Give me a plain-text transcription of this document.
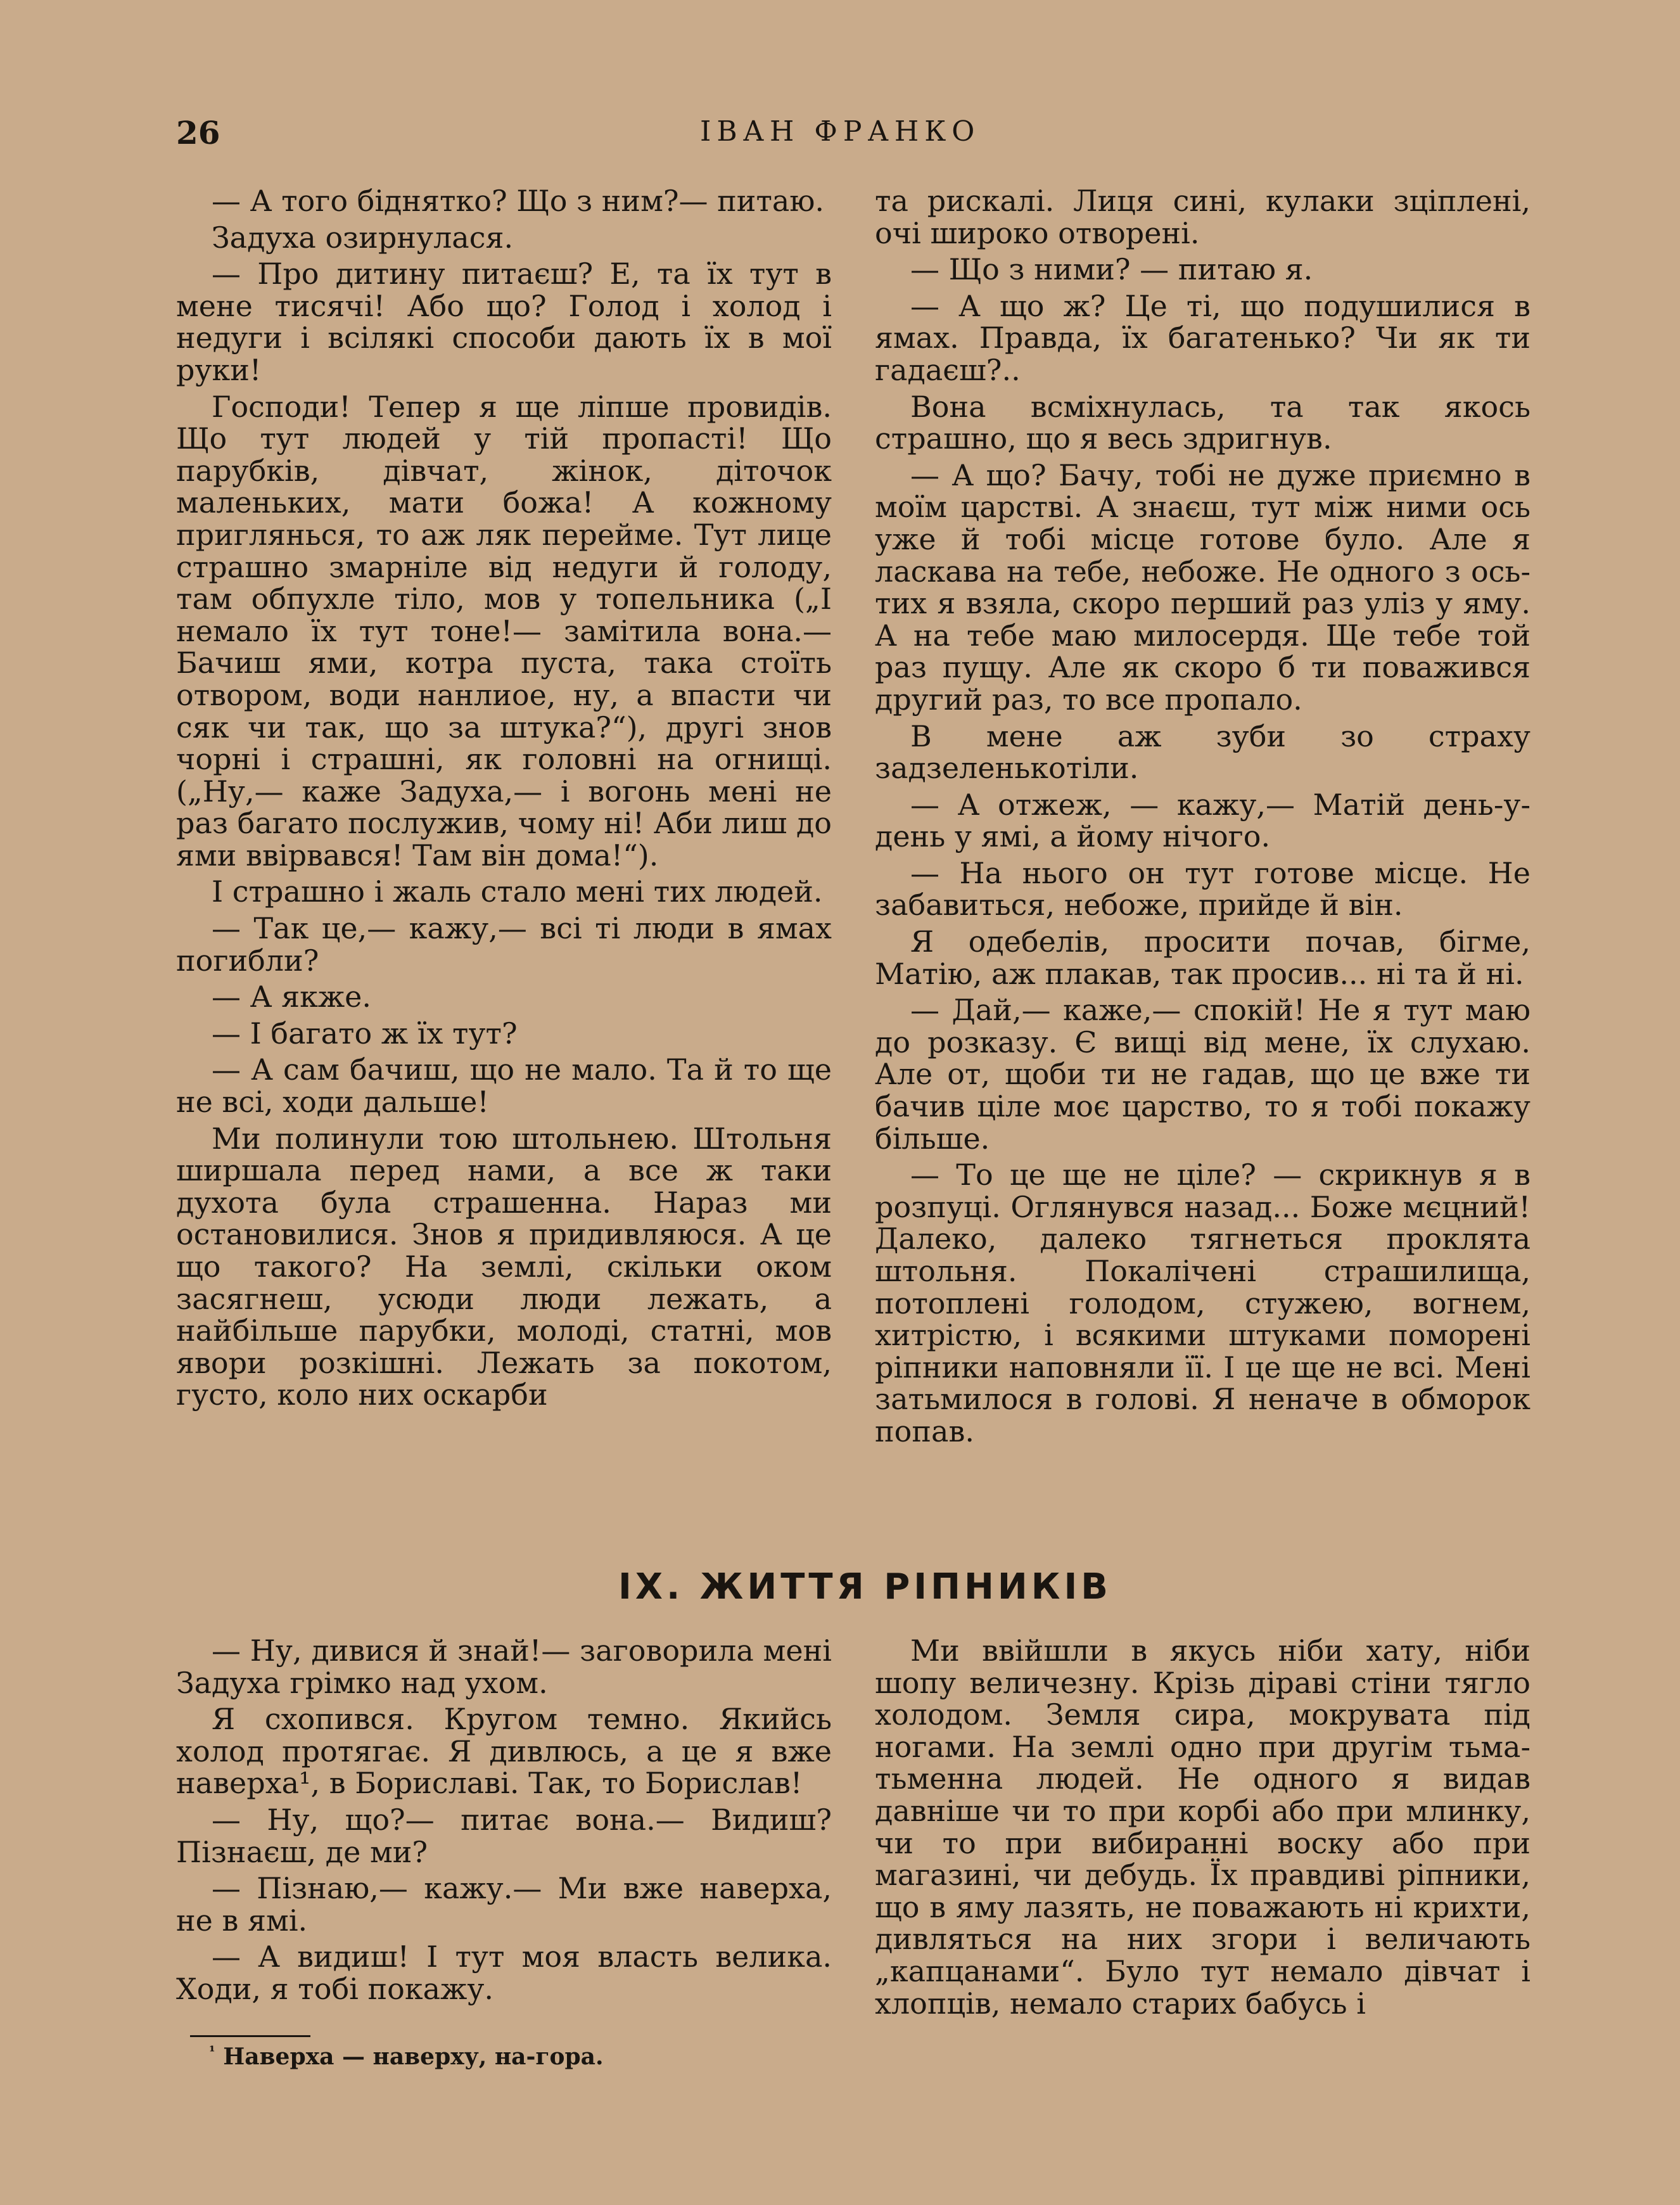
26	ІВАН ФРАНКО

— А того біднятко? Що з ним?— питаю.

Задуха озирнулася.

— Про дитину питаєш? Е, та їх тут в мене тисячі! Або що? Голод і холод і недуги і всілякі способи дають їх в мої руки!

Господи! Тепер я ще ліпше провидів. Що тут людей у тій пропасті! Що парубків, дівчат, жінок, діточок маленьких, мати божа! А кожному приглянься, то аж ляк перейме. Тут лице страшно змарніле від недуги й голоду, там обпухле тіло, мов у топельника („І немало їх тут тоне!— замітила вона.— Бачиш ями, котра пуста, така стоїть отвором, води нанлиое, ну, а впасти чи сяк чи так, що за штука?“), другі знов чорні і страшні, як головні на огнищі. („Ну,— каже Задуха,— і вогонь мені не раз багато послужив, чому ні! Аби лиш до ями ввірвався! Там він дома!“).

І страшно і жаль стало мені тих людей.

— Так це,— кажу,— всі ті люди в ямах погибли?

— А якже.

— І багато ж їх тут?

— А сам бачиш, що не мало. Та й то ще не всі, ходи дальше!

Ми полинули тою штольнею. Штольня ширшала перед нами, а все ж таки духота була страшенна. Нараз ми остановилися. Знов я придивляюся. А це що такого? На землі, скільки оком засягнеш, усюди люди лежать, а найбільше парубки, молоді, статні, мов явори розкішні. Лежать за покотом, густо, коло них оскарби

та рискалі. Лиця сині, кулаки зціплені, очі широко отворені.

— Що з ними? — питаю я.

— А що ж? Це ті, що подушилися в ямах. Правда, їх багатенько? Чи як ти гадаєш?..

Вона всміхнулась, та так якось страшно, що я весь здригнув.

— А що? Бачу, тобі не дуже приємно в моїм царстві. А знаєш, тут між ними ось уже й тобі місце готове було. Але я ласкава на тебе, небоже. Не одного з ось-тих я взяла, скоро перший раз уліз у яму. А на тебе маю милосердя. Ще тебе той раз пущу. Але як скоро б ти поважився другий раз, то все пропало.

В мене аж зуби зо страху задзеленькотіли.

— А отжеж, — кажу,— Матій день-у-день у ямі, а йому нічого.

— На нього он тут готове місце. Не забавиться, небоже, прийде й він.

Я одебелів, просити почав, бігме, Матію, аж плакав, так просив... ні та й ні.

— Дай,— каже,— спокій! Не я тут маю до розказу. Є вищі від мене, їх слухаю. Але от, щоби ти не гадав, що це вже ти бачив ціле моє царство, то я тобі покажу більше.

— То це ще не ціле? — скрикнув я в розпуці. Оглянувся назад... Боже мєцний! Далеко, далеко тягнеться проклята штольня. Покалічені страшилища, потоплені голодом, стужею, вогнем, хитрістю, і всякими штуками поморені ріпники наповняли її. І це ще не всі. Мені затьмилося в голові. Я неначе в обморок попав.

IX. ЖИТТЯ РІПНИКІВ

— Ну, дивися й знай!— заговорила мені Задуха грімко над ухом.

Я схопився. Кругом темно. Якийсь холод протягає. Я дивлюсь, а це я вже наверха¹, в Бориславі. Так, то Борислав!

— Ну, що?— питає вона.— Видиш? Пізнаєш, де ми?

— Пізнаю,— кажу.— Ми вже наверха, не в ямі.

— А видиш! І тут моя власть велика. Ходи, я тобі покажу.

Ми ввійшли в якусь ніби хату, ніби шопу величезну. Крізь діраві стіни тягло холодом. Земля сира, мокрувата під ногами. На землі одно при другім тьма-тьменна людей. Не одного я видав давніше чи то при корбі або при млинку, чи то при вибиранні воску або при магазині, чи дебудь. Їх правдиві ріпники, що в яму лазять, не поважають ні крихти, дивляться на них згори і величають „капцанами“. Було тут немало дівчат і хлопців, немало старих бабусь і

$^{^1}$ Наверха — наверху, на-гора.
